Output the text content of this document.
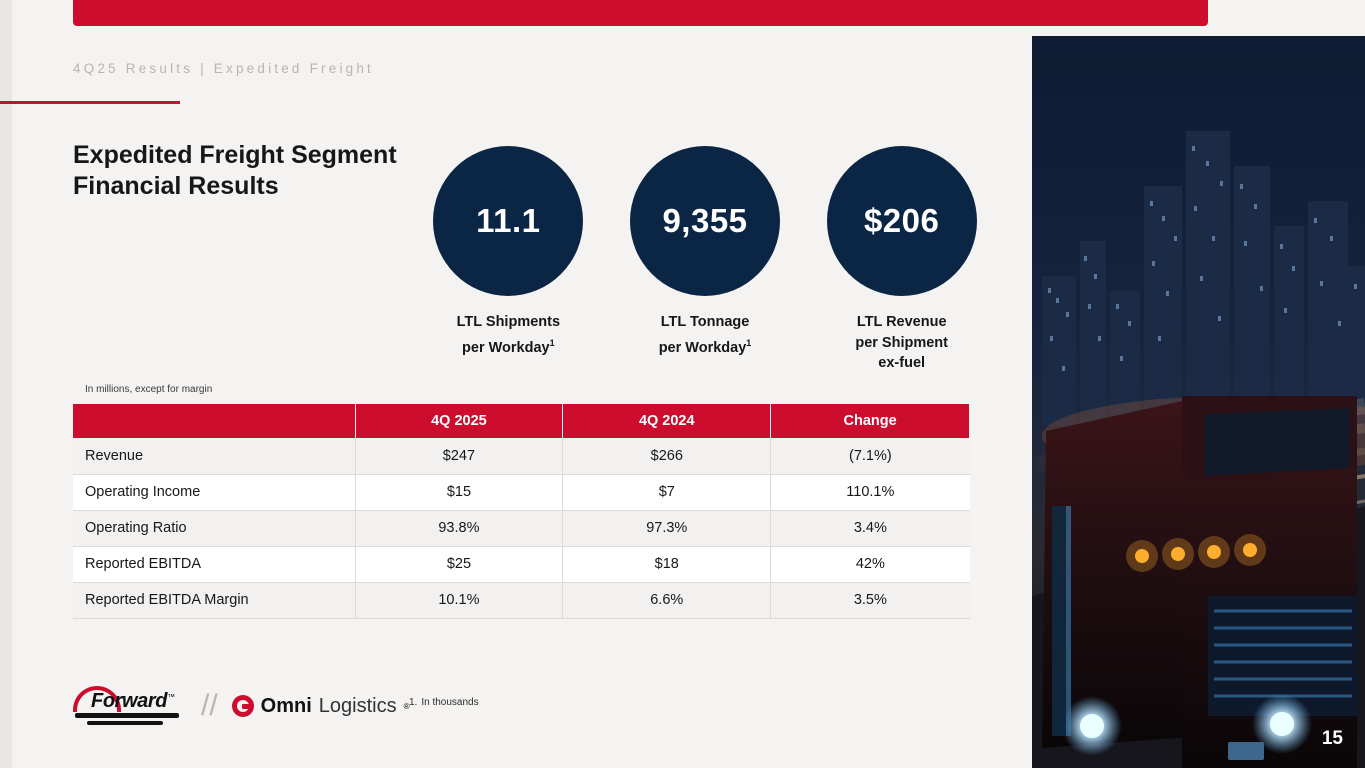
4Q25 Results | Expedited Freight
Expedited Freight Segment Financial Results
11.1
LTL Shipments
per Workday$^1$
9,355
LTL Tonnage
per Workday$^1$
$206
LTL Revenue
per Shipment
ex-fuel
In millions, except for margin
	4Q 2025	4Q 2024	Change
Revenue	$247	$266	(7.1%)
Operating Income	$15	$7	110.1%
Operating Ratio	93.8%	97.3%	3.4%
Reported EBITDA	$25	$18	42%
Reported EBITDA Margin	10.1%	6.6%	3.5%
Forward™ // Omni Logistics ® 1. In thousands
15
